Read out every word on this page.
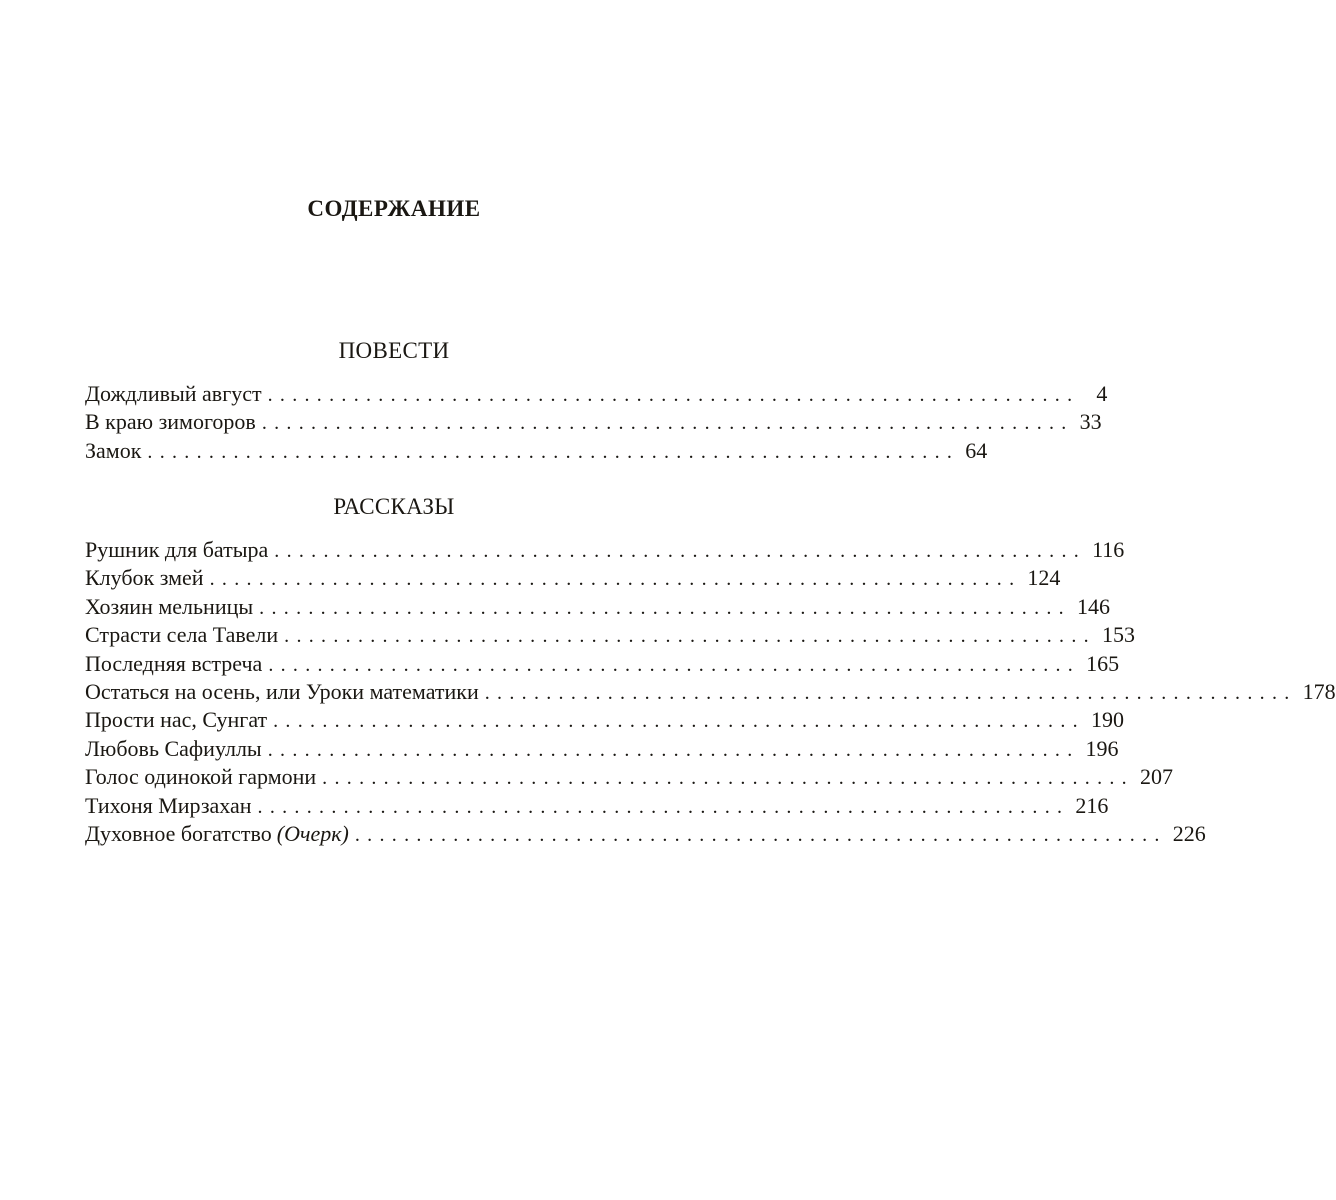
СОДЕРЖАНИЕ
ПОВЕСТИ
Дождливый август .................................................................. 4
В краю зимогоров .................................................................. 33
Замок .................................................................. 64
РАССКАЗЫ
Рушник для батыра .................................................................. 116
Клубок змей .................................................................. 124
Хозяин мельницы .................................................................. 146
Страсти села Тавели .................................................................. 153
Последняя встреча .................................................................. 165
Остаться на осень, или Уроки математики .................................................................. 178
Прости нас, Сунгат .................................................................. 190
Любовь Сафиуллы .................................................................. 196
Голос одинокой гармони .................................................................. 207
Тихоня Мирзахан .................................................................. 216
Духовное богатство (Очерк) .................................................................. 226
